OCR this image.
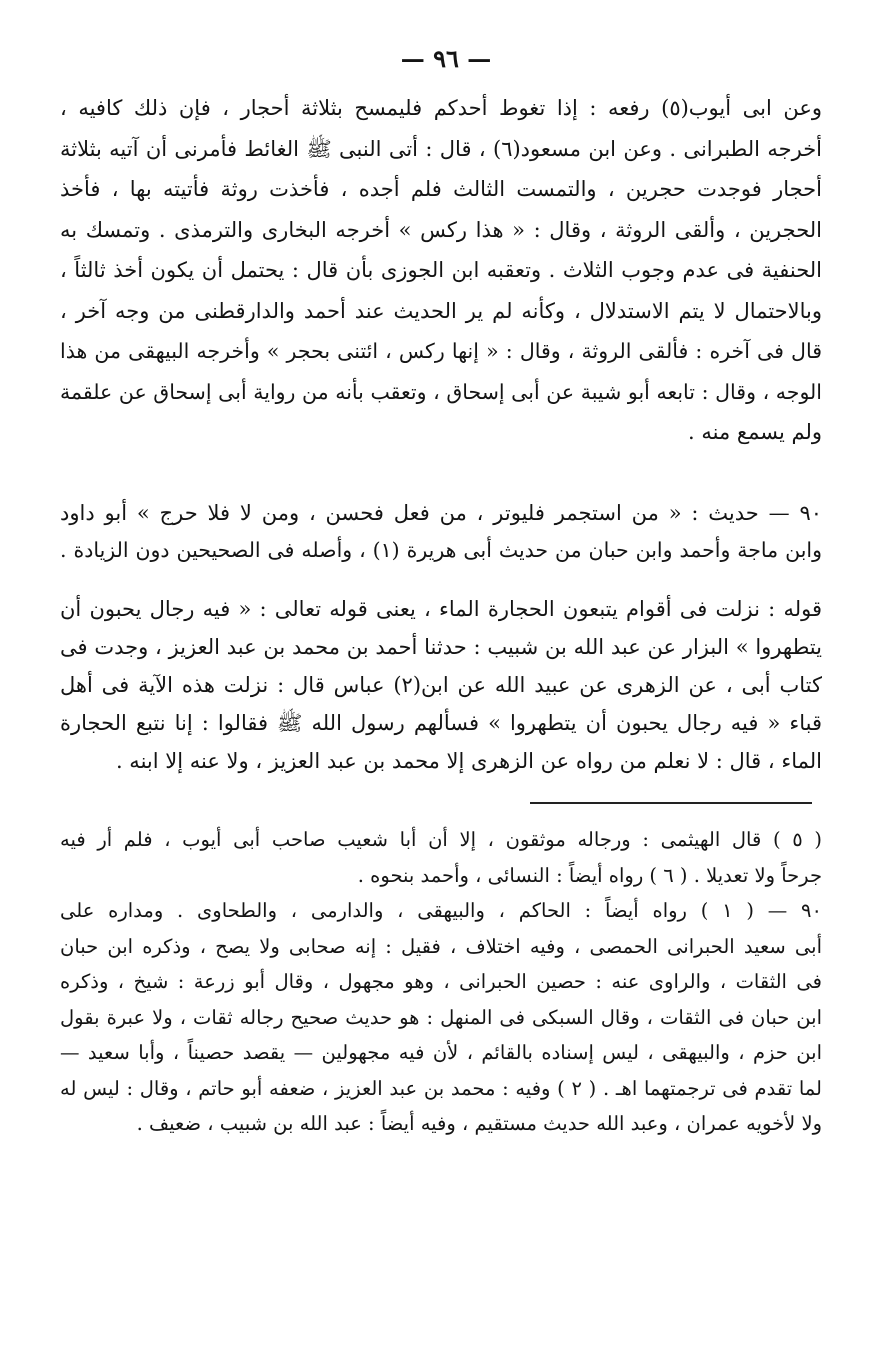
— ٩٦ —
وعن ابى أيوب(٥) رفعه : إذا تغوط أحدكم فليمسح بثلاثة أحجار ، فإن ذلك كافيه ،
أخرجه الطبرانى . وعن ابن مسعود(٦) ، قال : أتى النبى ﷺ الغائط فأمرنى أن آتيه بثلاثة
أحجار فوجدت حجرين ، والتمست الثالث فلم أجده ، فأخذت روثة فأتيته بها ، فأخذ
الحجرين ، وألقى الروثة ، وقال : « هذا ركس » أخرجه البخارى والترمذى . وتمسك به
الحنفية فى عدم وجوب الثلاث . وتعقبه ابن الجوزى بأن قال : يحتمل أن يكون أخذ ثالثاً ،
وبالاحتمال لا يتم الاستدلال ، وكأنه لم ير الحديث عند أحمد والدارقطنى من وجه آخر ،
قال فى آخره : فألقى الروثة ، وقال : « إنها ركس ، ائتنى بحجر » وأخرجه البيهقى من هذا
الوجه ، وقال : تابعه أبو شيبة عن أبى إسحاق ، وتعقب بأنه من رواية أبى إسحاق عن علقمة
ولم يسمع منه .
٩٠ — حديث : « من استجمر فليوتر ، من فعل فحسن ، ومن لا فلا حرج » أبو داود
وابن ماجة وأحمد وابن حبان من حديث أبى هريرة (١) ، وأصله فى الصحيحين دون الزيادة .
قوله : نزلت فى أقوام يتبعون الحجارة الماء ، يعنى قوله تعالى : « فيه رجال يحبون أن
يتطهروا » البزار عن عبد الله بن شبيب : حدثنا أحمد بن محمد بن عبد العزيز ، وجدت فى
كتاب أبى ، عن الزهرى عن عبيد الله عن ابن(٢) عباس قال : نزلت هذه الآية فى أهل
قباء « فيه رجال يحبون أن يتطهروا » فسألهم رسول الله ﷺ فقالوا : إنا نتبع الحجارة
الماء ، قال : لا نعلم من رواه عن الزهرى إلا محمد بن عبد العزيز ، ولا عنه إلا ابنه .
( ٥ ) قال الهيثمى : ورجاله موثقون ، إلا أن أبا شعيب صاحب أبى أيوب ، فلم أر فيه
جرحاً ولا تعديلا . ( ٦ ) رواه أيضاً : النسائى ، وأحمد بنحوه .
٩٠ — ( ١ ) رواه أيضاً : الحاكم ، والبيهقى ، والدارمى ، والطحاوى . ومداره على
أبى سعيد الحبرانى الحمصى ، وفيه اختلاف ، فقيل : إنه صحابى ولا يصح ، وذكره ابن حبان
فى الثقات ، والراوى عنه : حصين الحبرانى ، وهو مجهول ، وقال أبو زرعة : شيخ ، وذكره
ابن حبان فى الثقات ، وقال السبكى فى المنهل : هو حديث صحيح رجاله ثقات ، ولا عبرة بقول
ابن حزم ، والبيهقى ، ليس إسناده بالقائم ، لأن فيه مجهولين — يقصد حصيناً ، وأبا سعيد —
لما تقدم فى ترجمتهما اهـ . ( ٢ ) وفيه : محمد بن عبد العزيز ، ضعفه أبو حاتم ، وقال : ليس له
ولا لأخويه عمران ، وعبد الله حديث مستقيم ، وفيه أيضاً : عبد الله بن شبيب ، ضعيف .
